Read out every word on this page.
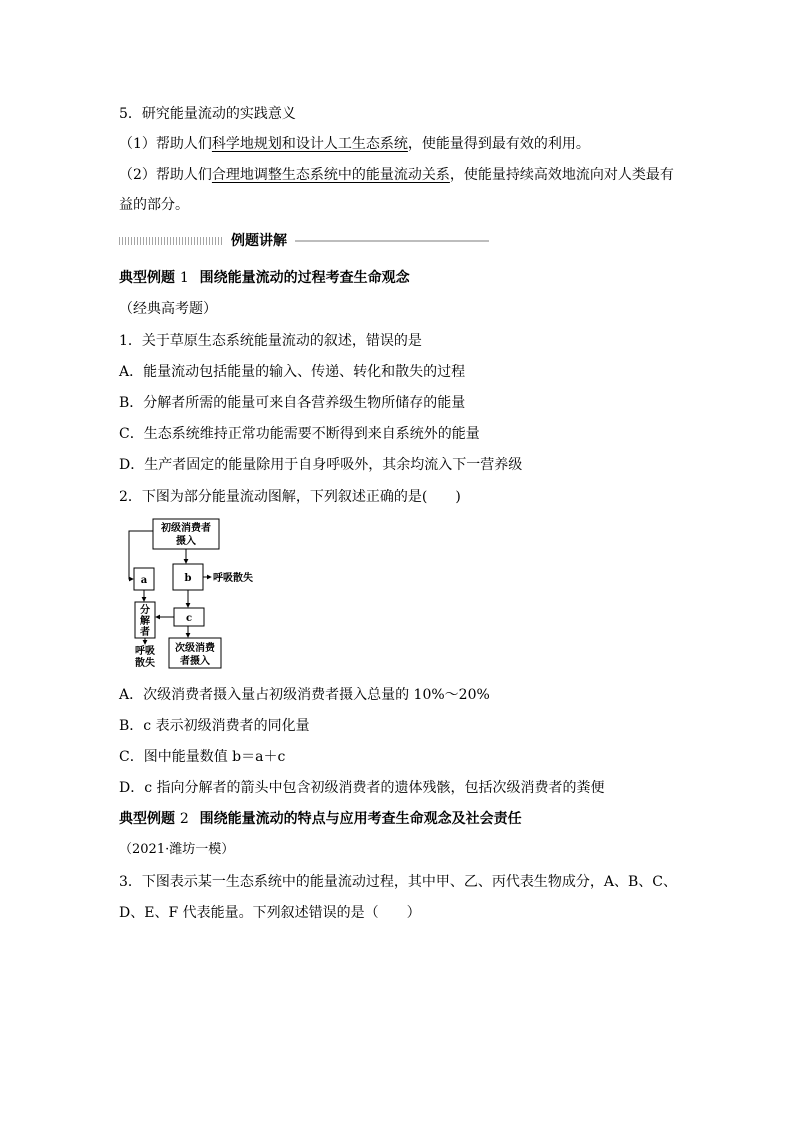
5．研究能量流动的实践意义
（1）帮助人们科学地规划和设计人工生态系统，使能量得到最有效的利用。
（2）帮助人们合理地调整生态系统中的能量流动关系，使能量持续高效地流向对人类最有
益的部分。
例题讲解
典型例题 1 围绕能量流动的过程考查生命观念
（经典高考题）
1．关于草原生态系统能量流动的叙述，错误的是
A．能量流动包括能量的输入、传递、转化和散失的过程
B．分解者所需的能量可来自各营养级生物所储存的能量
C．生态系统维持正常功能需要不断得到来自系统外的能量
D．生产者固定的能量除用于自身呼吸外，其余均流入下一营养级
2．下图为部分能量流动图解，下列叙述正确的是(　　)
初级消费者
摄入
b
a
c
呼吸散失
分
解
者
呼吸
散失
次级消费
者摄入
A．次级消费者摄入量占初级消费者摄入总量的 10%～20%
B．c 表示初级消费者的同化量
C．图中能量数值 b＝a＋c
D．c 指向分解者的箭头中包含初级消费者的遗体残骸，包括次级消费者的粪便
典型例题 2 围绕能量流动的特点与应用考查生命观念及社会责任
（2021·潍坊一模）
3．下图表示某一生态系统中的能量流动过程，其中甲、乙、丙代表生物成分，A、B、C、
D、E、F 代表能量。下列叙述错误的是（　　）
